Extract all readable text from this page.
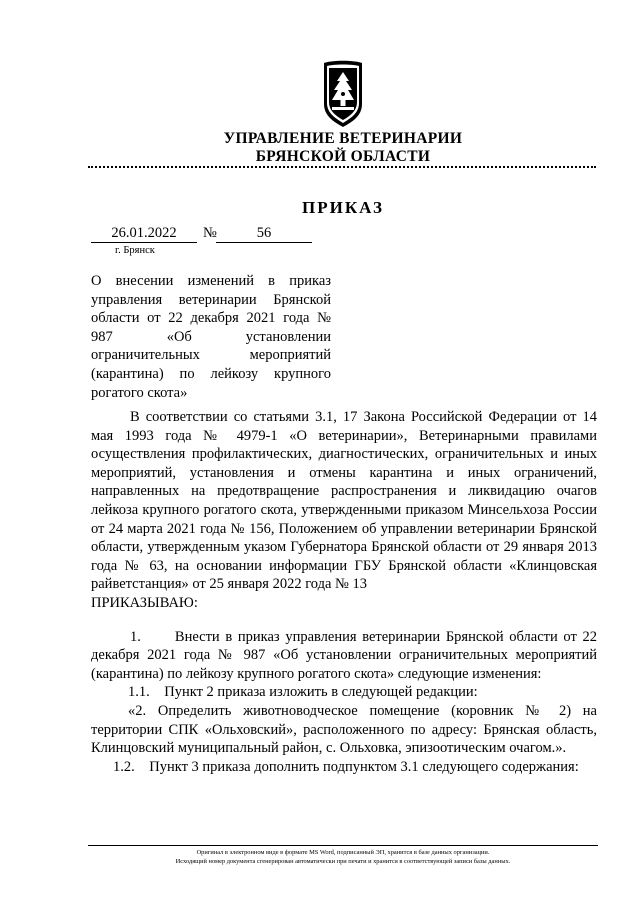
УПРАВЛЕНИЕ ВЕТЕРИНАРИИ
БРЯНСКОЙ ОБЛАСТИ
ПРИКАЗ
26.01.2022	№	56
г. Брянск
О внесении изменений в приказ управления ветеринарии Брянской области от 22 декабря 2021 года № 987 «Об установлении ограничительных мероприятий (карантина) по лейкозу крупного рогатого скота»

В соответствии со статьями 3.1, 17 Закона Российской Федерации от 14 мая 1993 года № 4979-1 «О ветеринарии», Ветеринарными правилами осуществления профилактических, диагностических, ограничительных и иных мероприятий, установления и отмены карантина и иных ограничений, направленных на предотвращение распространения и ликвидацию очагов лейкоза крупного рогатого скота, утвержденными приказом Минсельхоза России от 24 марта 2021 года № 156, Положением об управлении ветеринарии Брянской области, утвержденным указом Губернатора Брянской области от 29 января 2013 года № 63, на основании информации ГБУ Брянской области «Клинцовская райветстанция» от 25 января 2022 года № 13

ПРИКАЗЫВАЮ:

1.      Внести в приказ управления ветеринарии Брянской области от 22 декабря 2021 года № 987 «Об установлении ограничительных мероприятий (карантина) по лейкозу крупного рогатого скота» следующие изменения:

1.1.    Пункт 2 приказа изложить в следующей редакции:

«2. Определить животноводческое помещение (коровник № 2) на территории СПК «Ольховский», расположенного по адресу: Брянская область, Клинцовский муниципальный район, с. Ольховка, эпизоотическим очагом.».

1.2.    Пункт 3 приказа дополнить подпунктом 3.1 следующего содержания:

Оригинал в электронном виде в формате MS Word, подписанный ЭП, хранится в базе данных организации.
Исходящий номер документа сгенерирован автоматически при печати и хранится в соответствующей записи базы данных.
